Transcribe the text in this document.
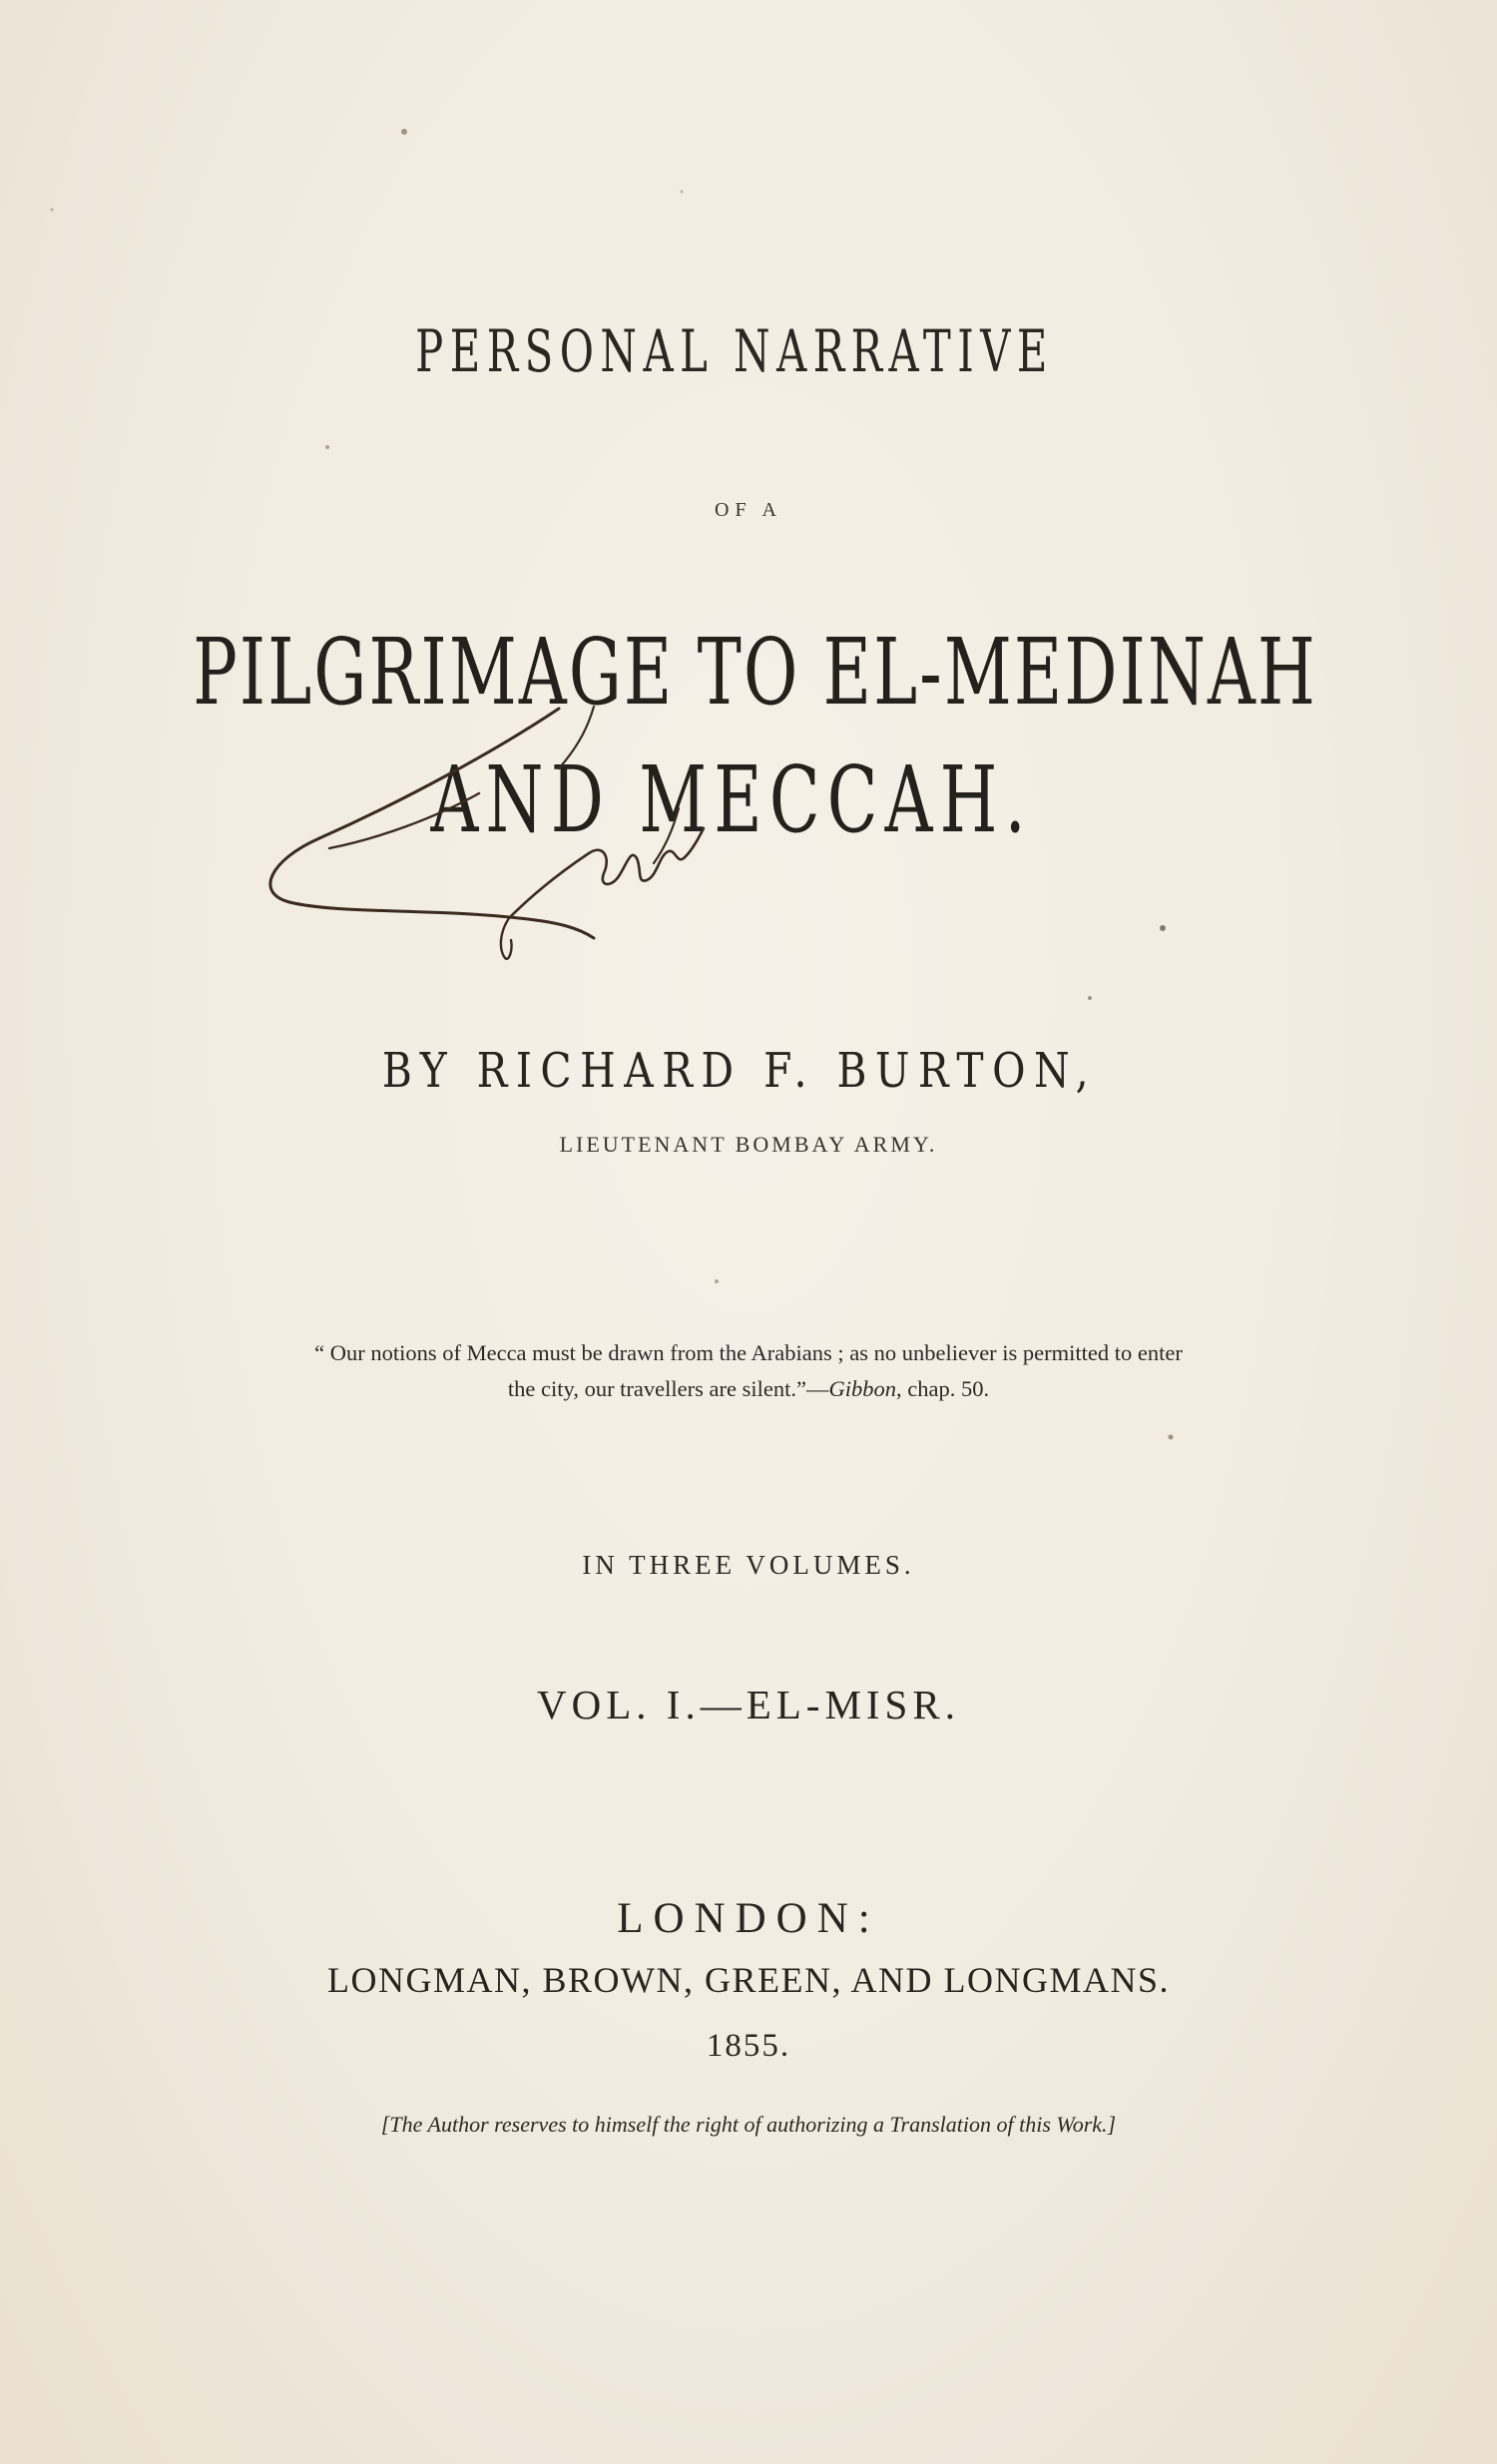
PERSONAL NARRATIVE
OF A
PILGRIMAGE TO EL-MEDINAH
AND MECCAH.
BY RICHARD F. BURTON,
LIEUTENANT BOMBAY ARMY.
“ Our notions of Mecca must be drawn from the Arabians ; as no unbeliever is permitted to enter
the city, our travellers are silent.”—Gibbon, chap. 50.
IN THREE VOLUMES.
VOL. I.—EL-MISR.
LONDON:
LONGMAN, BROWN, GREEN, AND LONGMANS.
1855.
[The Author reserves to himself the right of authorizing a Translation of this Work.]
